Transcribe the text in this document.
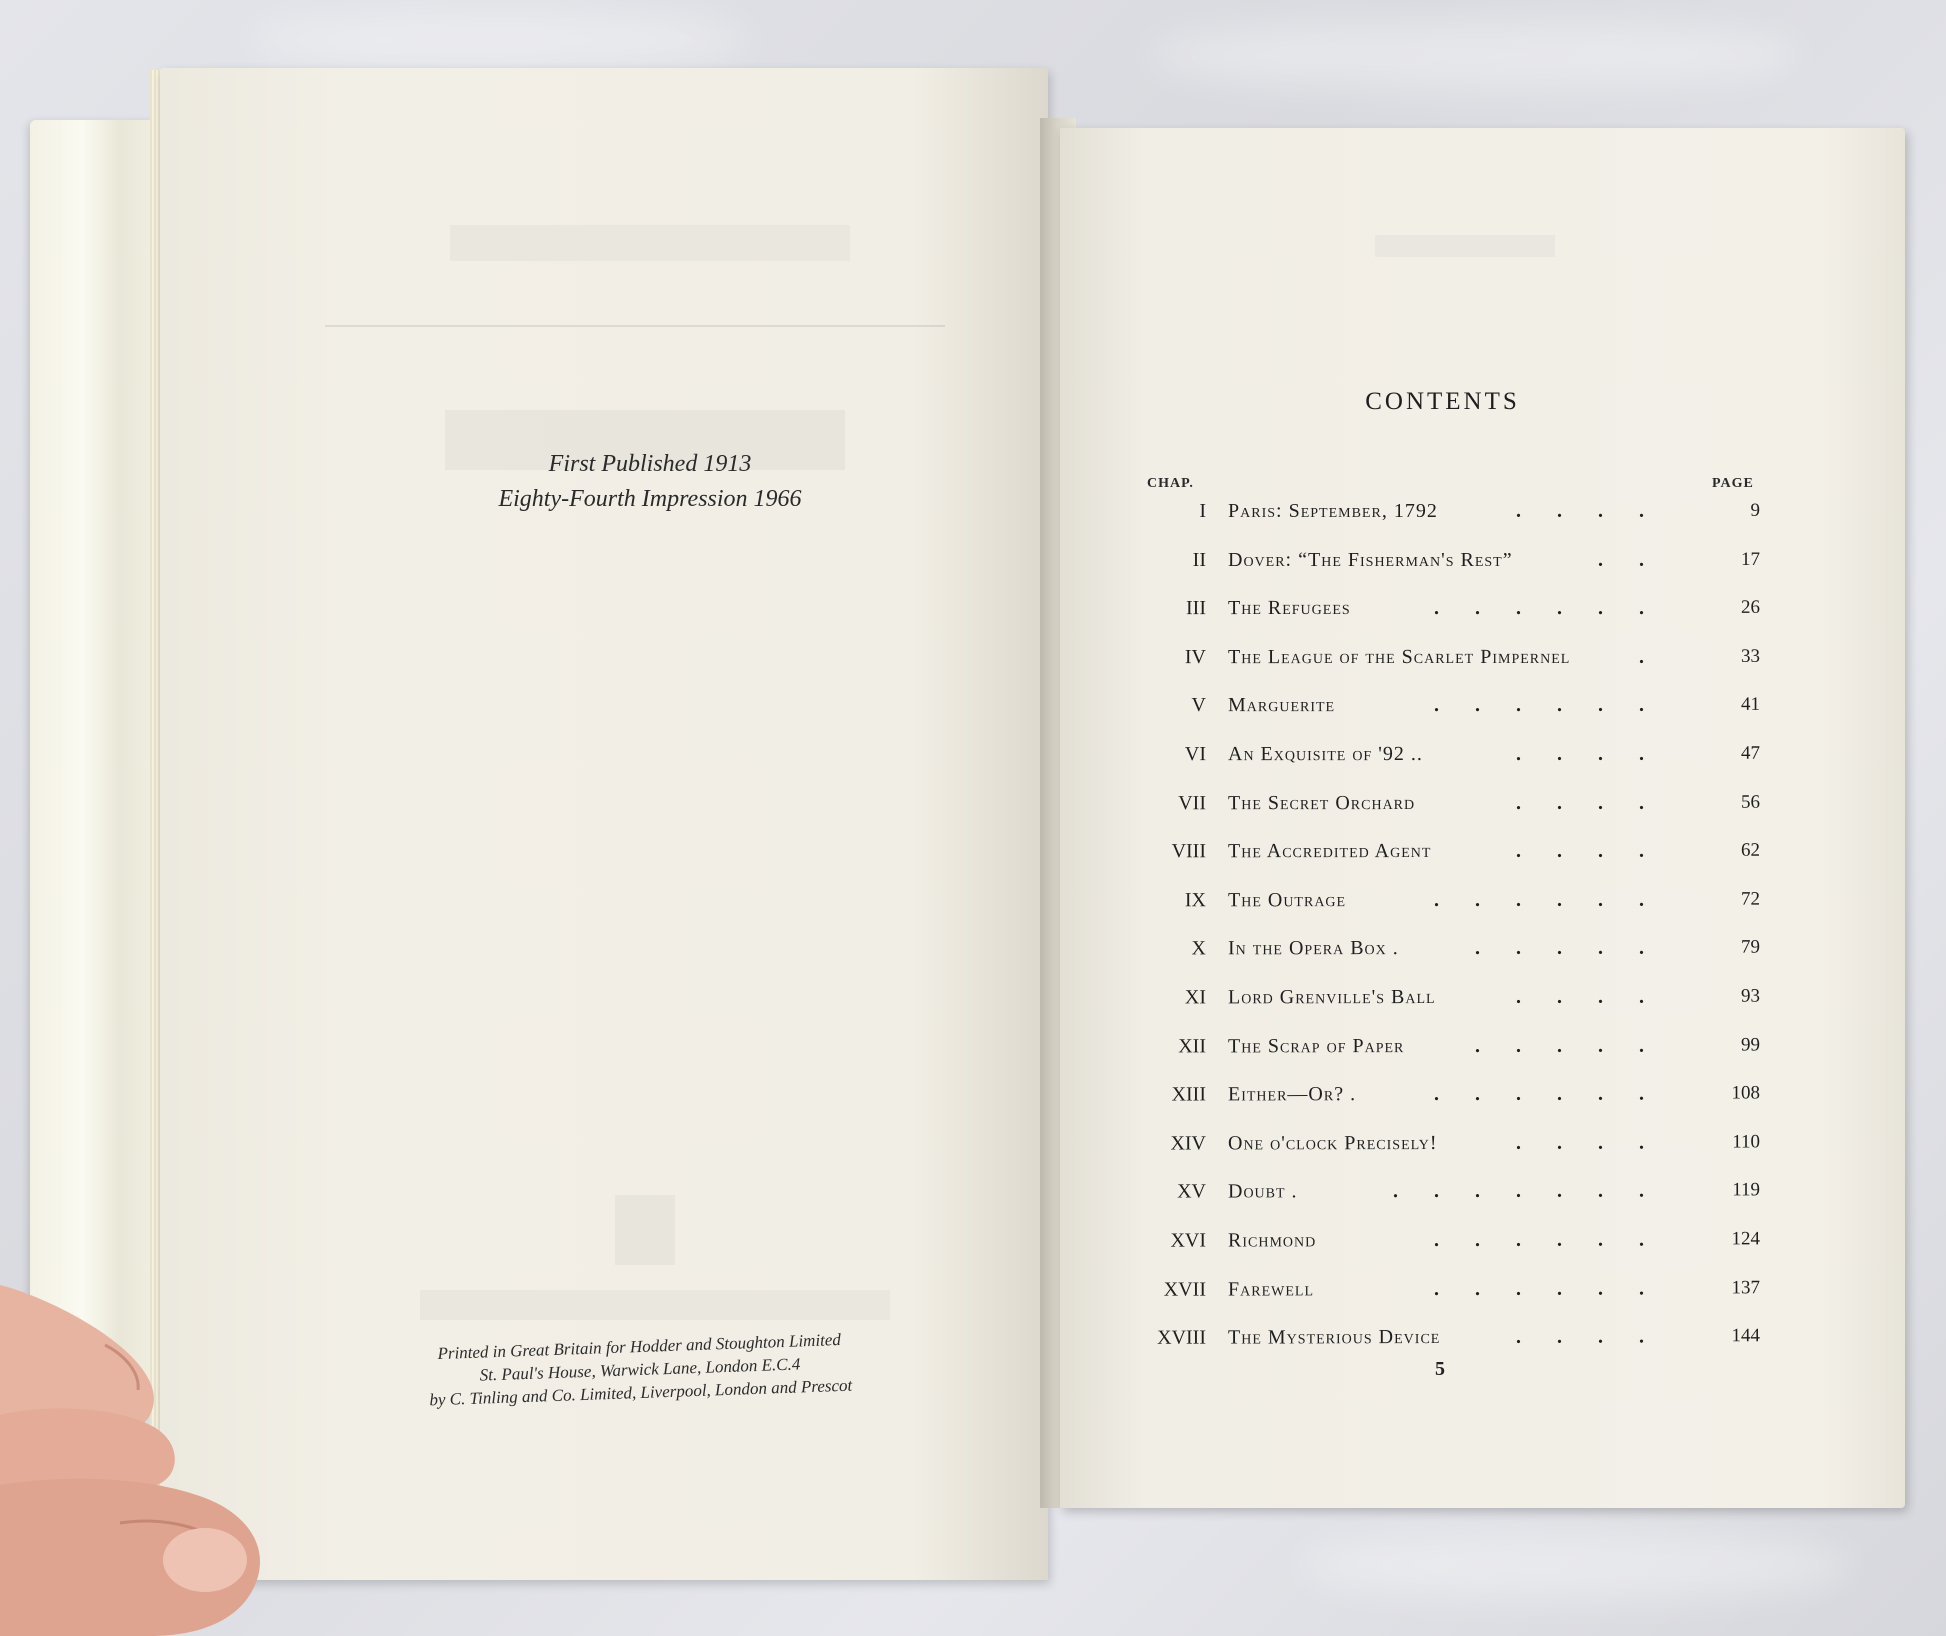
First Published 1913
Eighty-Fourth Impression 1966
Printed in Great Britain for Hodder and Stoughton Limited
St. Paul's House, Warwick Lane, London E.C.4
by C. Tinling and Co. Limited, Liverpool, London and Prescot
CONTENTS
CHAP.	PAGE
I Paris: September, 1792	9
....
II Dover: “The Fisherman's Rest”	17
..
III The Refugees	26
......
IV The League of the Scarlet Pimpernel	33
.
V Marguerite	41
......
VI An Exquisite of '92 ..	47
....
VII The Secret Orchard	56
....
VIII The Accredited Agent	62
....
IX The Outrage	72
......
X In the Opera Box .	79
.....
XI Lord Grenville's Ball	93
....
XII The Scrap of Paper	99
.....
XIII Either—Or? .	108
......
XIV One o'clock Precisely!	110
....
XV Doubt .	119
.......
XVI Richmond	124
......
XVII Farewell	137
......
XVIII The Mysterious Device	144
....
5
